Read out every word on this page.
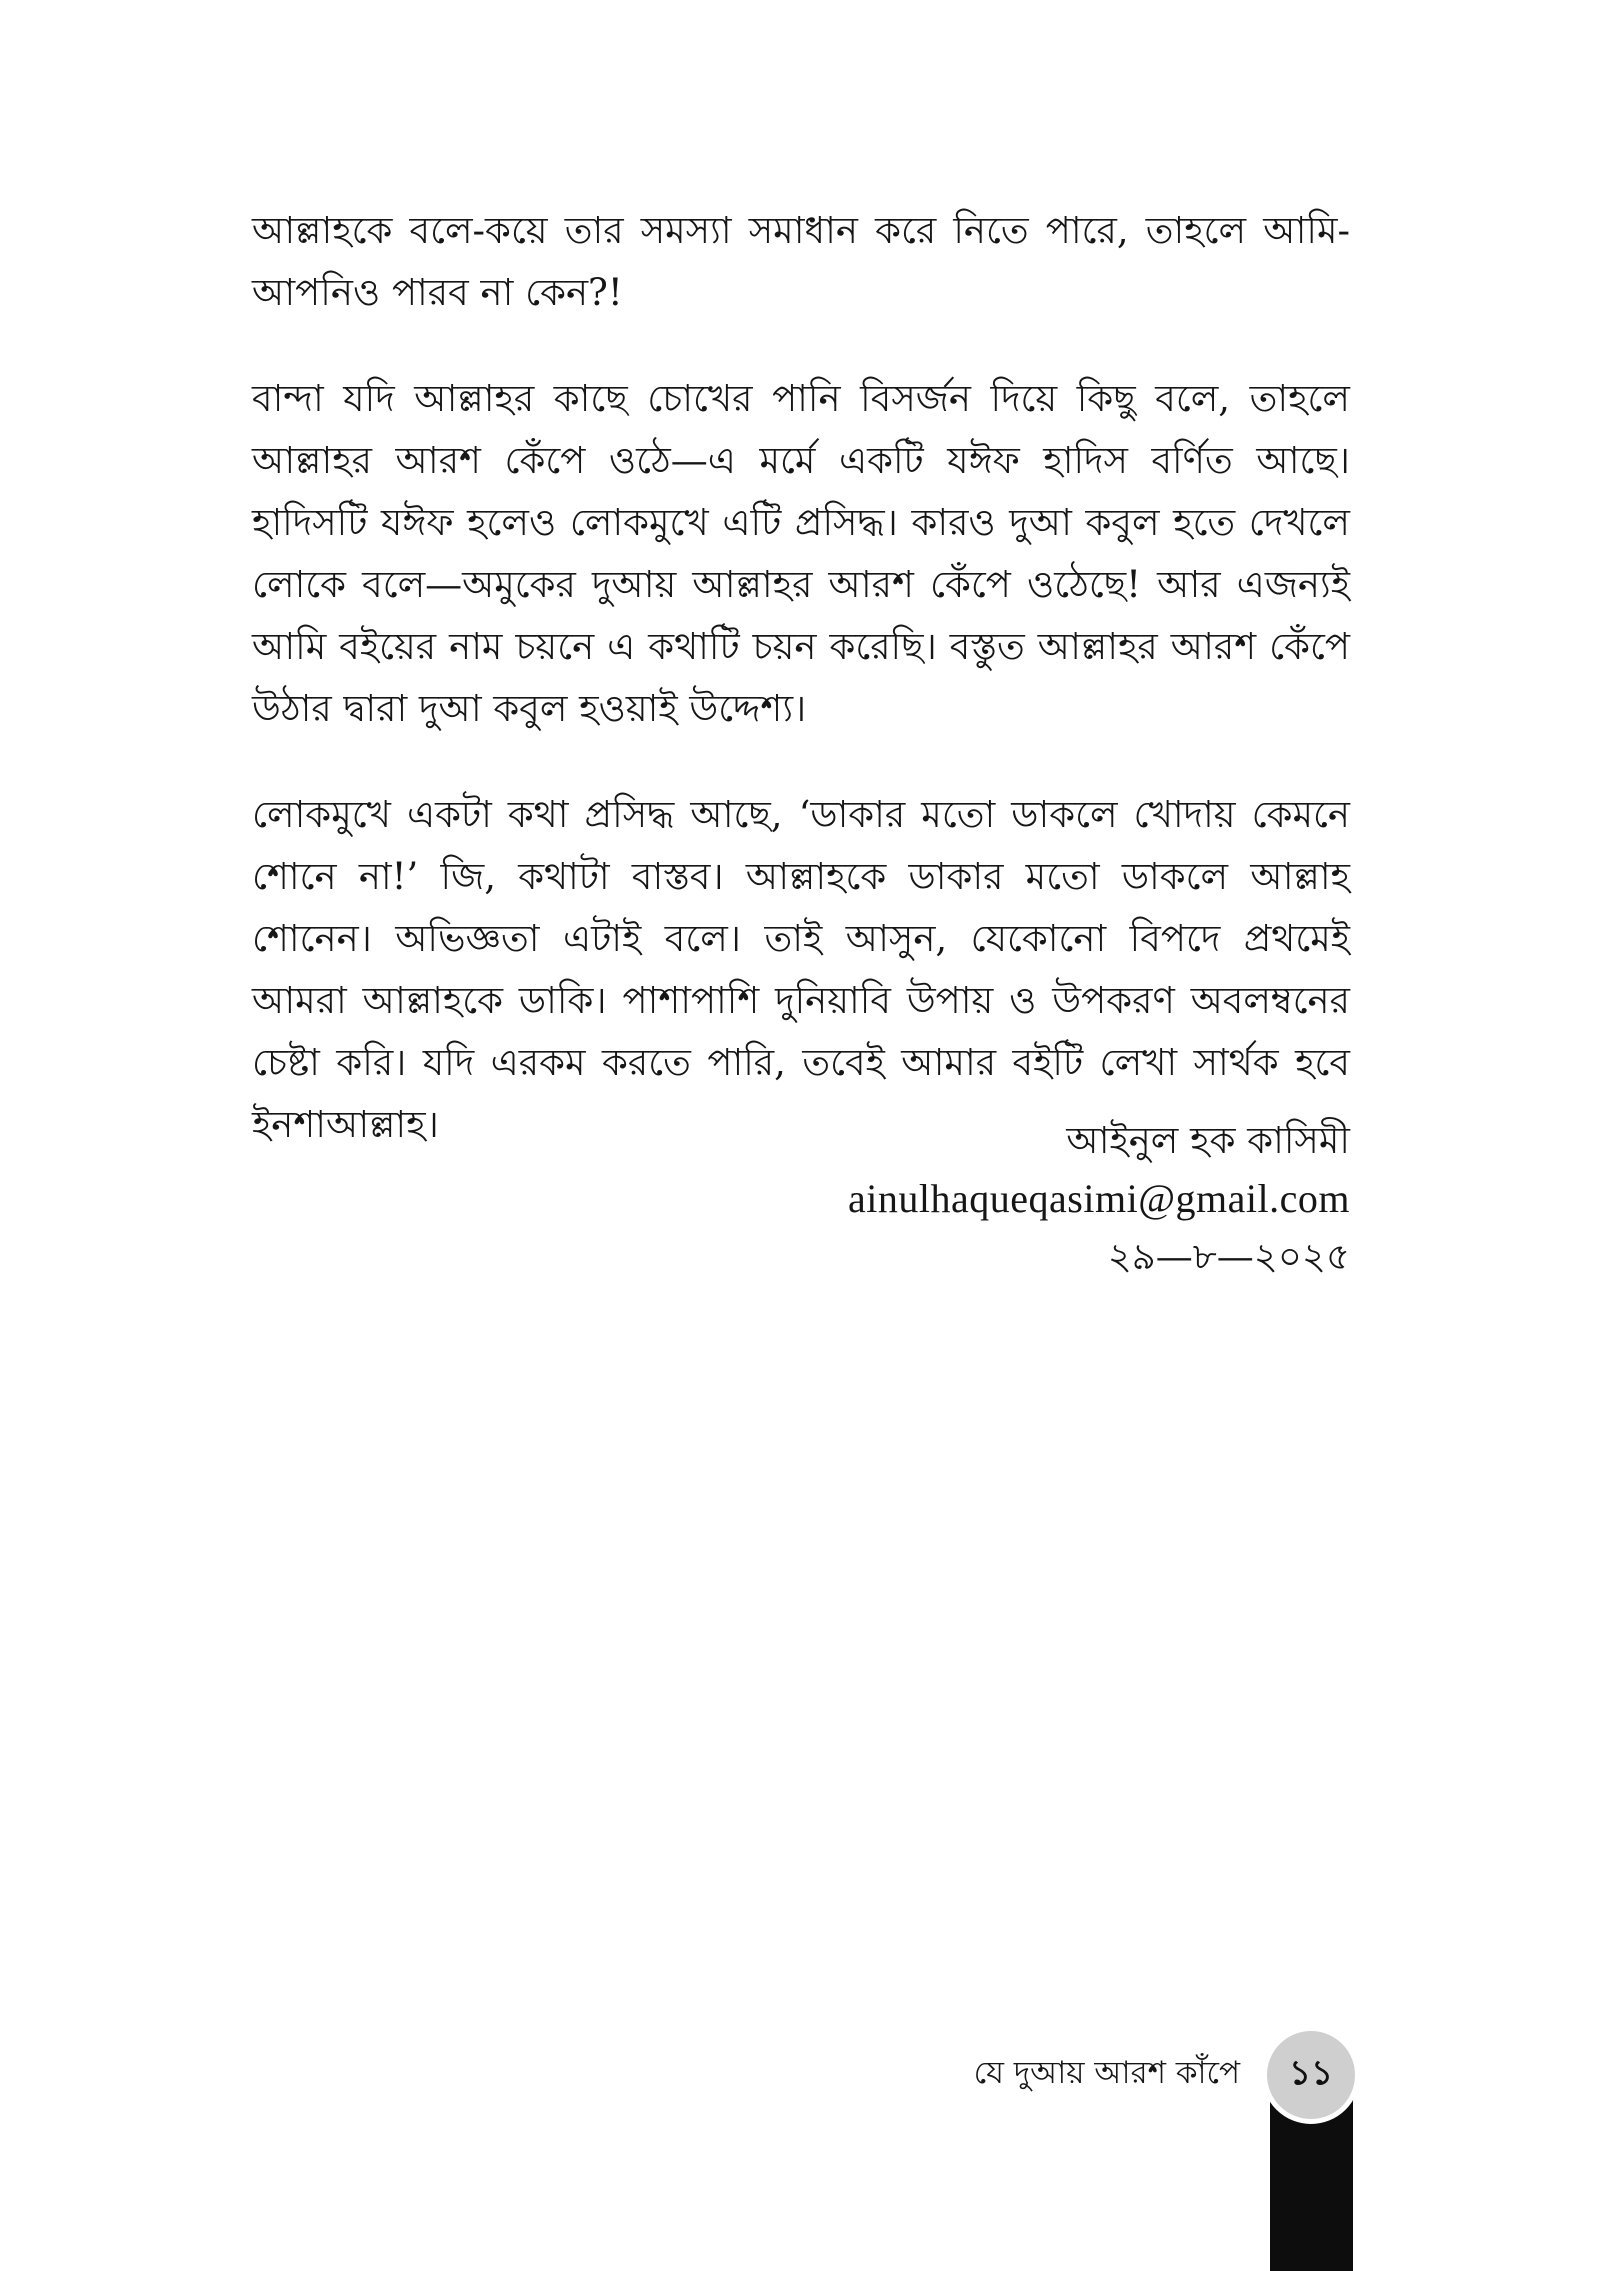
আল্লাহকে বলে-কয়ে তার সমস্যা সমাধান করে নিতে পারে, তাহলে আমি-আপনিও পারব না কেন?!

বান্দা যদি আল্লাহর কাছে চোখের পানি বিসর্জন দিয়ে কিছু বলে, তাহলে আল্লাহর আরশ কেঁপে ওঠে—এ মর্মে একটি যঈফ হাদিস বর্ণিত আছে। হাদিসটি যঈফ হলেও লোকমুখে এটি প্রসিদ্ধ। কারও দুআ কবুল হতে দেখলে লোকে বলে—অমুকের দুআয় আল্লাহর আরশ কেঁপে ওঠেছে! আর এজন্যই আমি বইয়ের নাম চয়নে এ কথাটি চয়ন করেছি। বস্তুত আল্লাহর আরশ কেঁপে উঠার দ্বারা দুআ কবুল হওয়াই উদ্দেশ্য।

লোকমুখে একটা কথা প্রসিদ্ধ আছে, ‘ডাকার মতো ডাকলে খোদায় কেমনে শোনে না!’ জি, কথাটা বাস্তব। আল্লাহকে ডাকার মতো ডাকলে আল্লাহ শোনেন। অভিজ্ঞতা এটাই বলে। তাই আসুন, যেকোনো বিপদে প্রথমেই আমরা আল্লাহকে ডাকি। পাশাপাশি দুনিয়াবি উপায় ও উপকরণ অবলম্বনের চেষ্টা করি। যদি এরকম করতে পারি, তবেই আমার বইটি লেখা সার্থক হবে ইনশাআল্লাহ।	আইনুল হক কাসিমী
ainulhaqueqasimi@gmail.com
২৯—৮—২০২৫
যে দুআয় আরশ কাঁপে	১১
